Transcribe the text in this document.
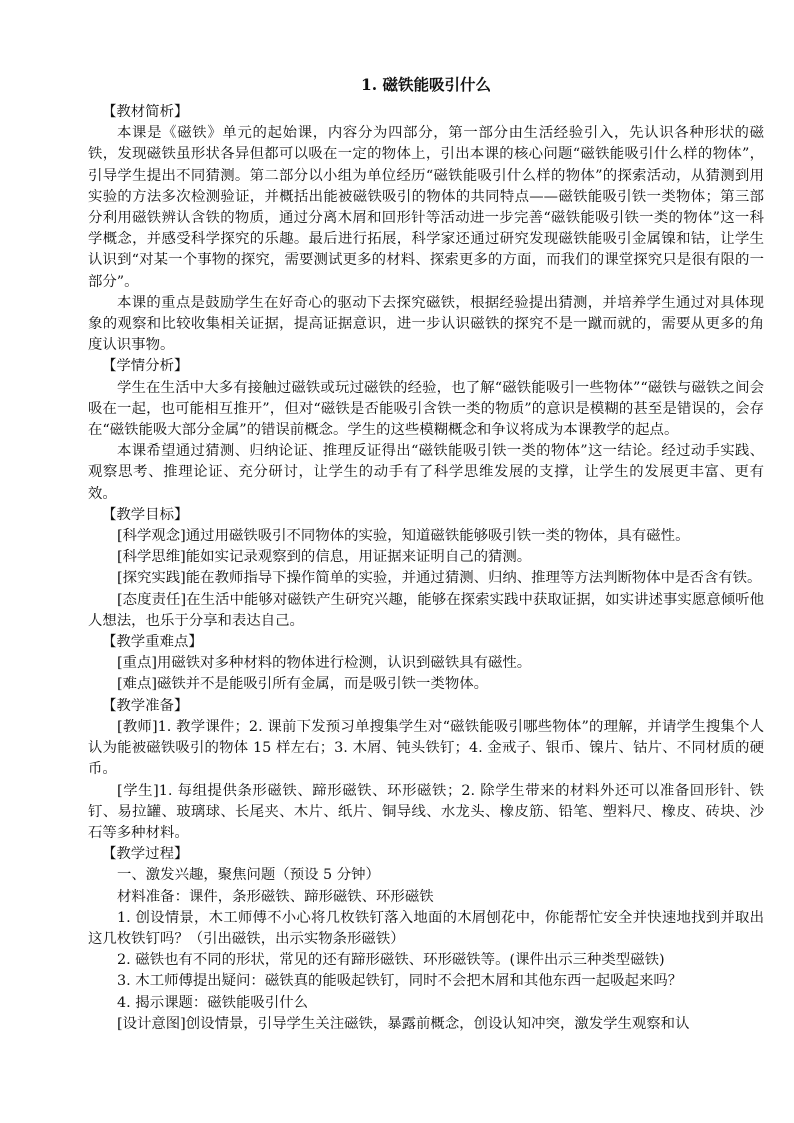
1. 磁铁能吸引什么
【教材简析】

本课是《磁铁》单元的起始课，内容分为四部分，第一部分由生活经验引入，先认识各种形状的磁铁，发现磁铁虽形状各异但都可以吸在一定的物体上，引出本课的核心问题“磁铁能吸引什么样的物体”，引导学生提出不同猜测。第二部分以小组为单位经历“磁铁能吸引什么样的物体”的探索活动，从猜测到用实验的方法多次检测验证，并概括出能被磁铁吸引的物体的共同特点——磁铁能吸引铁一类物体；第三部分利用磁铁辨认含铁的物质，通过分离木屑和回形针等活动进一步完善“磁铁能吸引铁一类的物体”这一科学概念，并感受科学探究的乐趣。最后进行拓展，科学家还通过研究发现磁铁能吸引金属镍和钴，让学生认识到“对某一个事物的探究，需要测试更多的材料、探索更多的方面，而我们的课堂探究只是很有限的一部分”。

本课的重点是鼓励学生在好奇心的驱动下去探究磁铁，根据经验提出猜测，并培养学生通过对具体现象的观察和比较收集相关证据，提高证据意识，进一步认识磁铁的探究不是一蹴而就的，需要从更多的角度认识事物。

【学情分析】

学生在生活中大多有接触过磁铁或玩过磁铁的经验，也了解“磁铁能吸引一些物体”“磁铁与磁铁之间会吸在一起，也可能相互推开”，但对“磁铁是否能吸引含铁一类的物质”的意识是模糊的甚至是错误的，会存在“磁铁能吸大部分金属”的错误前概念。学生的这些模糊概念和争议将成为本课教学的起点。

本课希望通过猜测、归纳论证、推理反证得出“磁铁能吸引铁一类的物体”这一结论。经过动手实践、观察思考、推理论证、充分研讨，让学生的动手有了科学思维发展的支撑，让学生的发展更丰富、更有效。

【教学目标】

[科学观念]通过用磁铁吸引不同物体的实验，知道磁铁能够吸引铁一类的物体，具有磁性。

[科学思维]能如实记录观察到的信息，用证据来证明自己的猜测。

[探究实践]能在教师指导下操作简单的实验，并通过猜测、归纳、推理等方法判断物体中是否含有铁。

[态度责任]在生活中能够对磁铁产生研究兴趣，能够在探索实践中获取证据，如实讲述事实愿意倾听他人想法，也乐于分享和表达自己。

【教学重难点】

[重点]用磁铁对多种材料的物体进行检测，认识到磁铁具有磁性。

[难点]磁铁并不是能吸引所有金属，而是吸引铁一类物体。

【教学准备】

[教师]1. 教学课件；2. 课前下发预习单搜集学生对“磁铁能吸引哪些物体”的理解，并请学生搜集个人认为能被磁铁吸引的物体 15 样左右；3. 木屑、钝头铁钉；4. 金戒子、银币、镍片、钴片、不同材质的硬币。

[学生]1. 每组提供条形磁铁、蹄形磁铁、环形磁铁；2. 除学生带来的材料外还可以准备回形针、铁钉、易拉罐、玻璃球、长尾夹、木片、纸片、铜导线、水龙头、橡皮筋、铅笔、塑料尺、橡皮、砖块、沙石等多种材料。

【教学过程】

一、激发兴趣，聚焦问题（预设 5 分钟）

材料准备：课件，条形磁铁、蹄形磁铁、环形磁铁

1. 创设情景，木工师傅不小心将几枚铁钉落入地面的木屑刨花中，你能帮忙安全并快速地找到并取出这几枚铁钉吗？（引出磁铁，出示实物条形磁铁）

2. 磁铁也有不同的形状，常见的还有蹄形磁铁、环形磁铁等。(课件出示三种类型磁铁)

3. 木工师傅提出疑问：磁铁真的能吸起铁钉，同时不会把木屑和其他东西一起吸起来吗？

4. 揭示课题：磁铁能吸引什么

[设计意图]创设情景，引导学生关注磁铁，暴露前概念，创设认知冲突，激发学生观察和认
